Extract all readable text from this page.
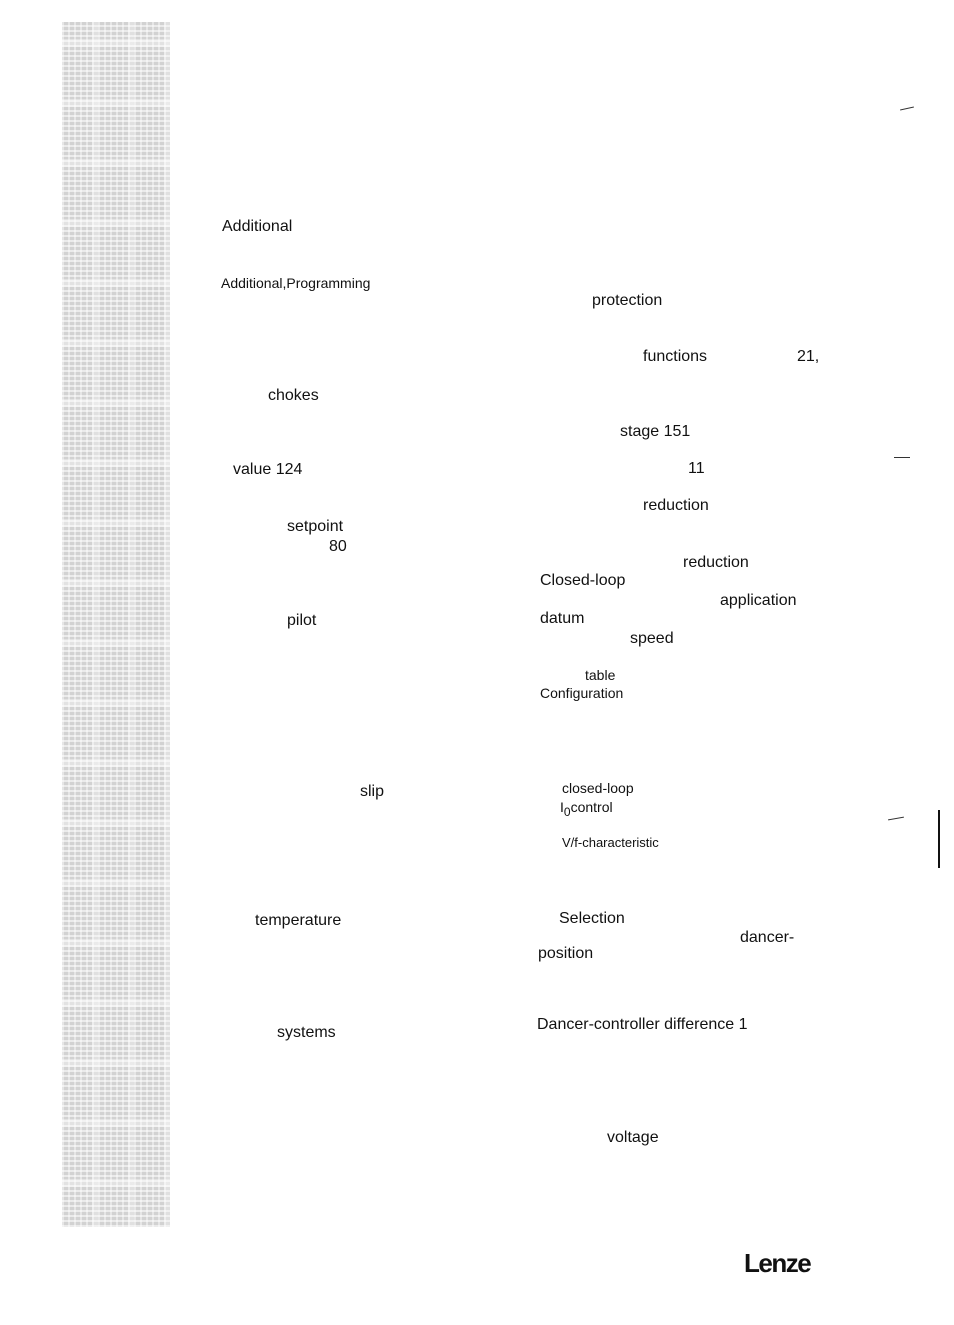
Additional
Additional,Programming
chokes
value 124
setpoint
80
pilot
slip
temperature
systems
protection
functions	21,
stage 151
11
reduction
reduction
Closed-loop
application
datum
speed
table
Configuration
closed-loop
I0control
V/f-characteristic
Selection
dancer-
position
Dancer-controller difference 1
voltage
Lenze
